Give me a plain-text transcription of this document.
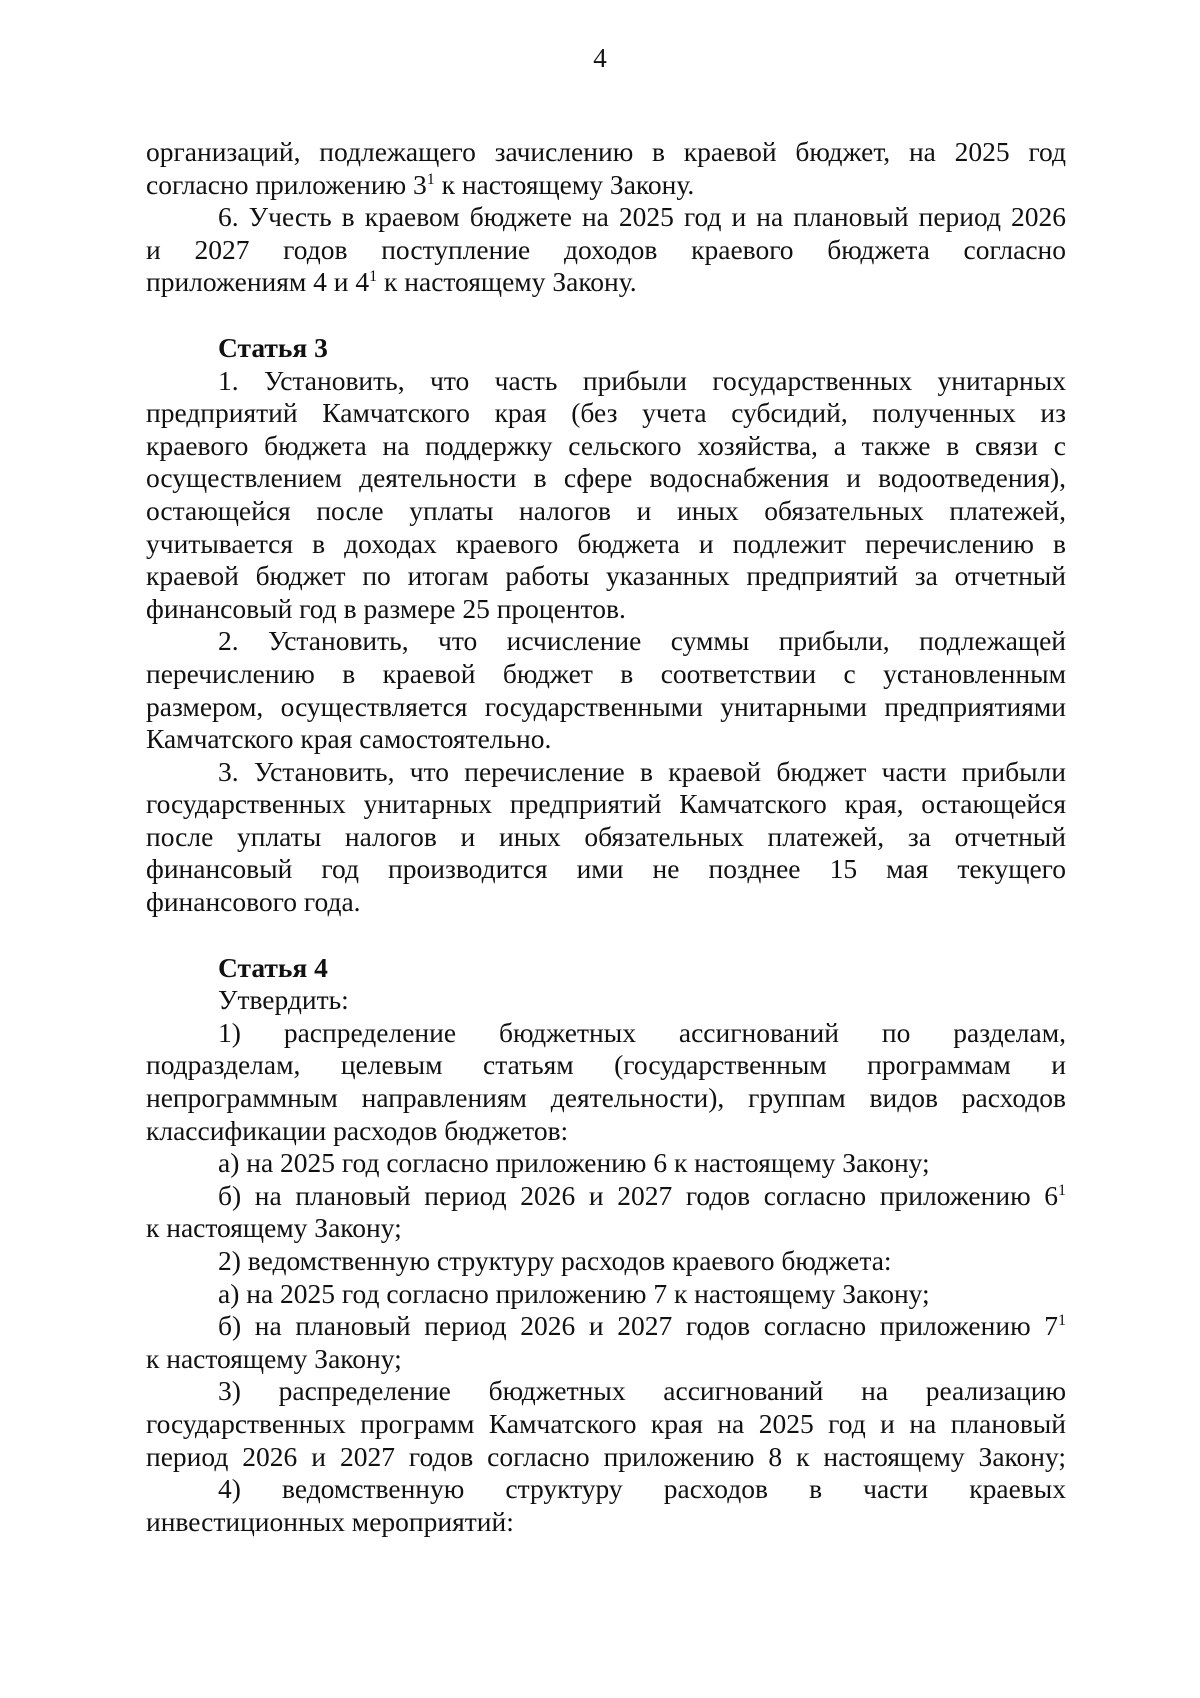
4

организаций, подлежащего зачислению в краевой бюджет, на 2025 год

согласно приложению $3^1$ к настоящему Закону.

6. Учесть в краевом бюджете на 2025 год и на плановый период 2026

и 2027 годов поступление доходов краевого бюджета согласно

приложениям 4 и $4^1$ к настоящему Закону.

Статья 3

1. Установить, что часть прибыли государственных унитарных

предприятий Камчатского края (без учета субсидий, полученных из

краевого бюджета на поддержку сельского хозяйства, а также в связи с

осуществлением деятельности в сфере водоснабжения и водоотведения),

остающейся после уплаты налогов и иных обязательных платежей,

учитывается в доходах краевого бюджета и подлежит перечислению в

краевой бюджет по итогам работы указанных предприятий за отчетный

финансовый год в размере 25 процентов.

2. Установить, что исчисление суммы прибыли, подлежащей

перечислению в краевой бюджет в соответствии с установленным

размером, осуществляется государственными унитарными предприятиями

Камчатского края самостоятельно.

3. Установить, что перечисление в краевой бюджет части прибыли

государственных унитарных предприятий Камчатского края, остающейся

после уплаты налогов и иных обязательных платежей, за отчетный

финансовый год производится ими не позднее 15 мая текущего

финансового года.

Статья 4

Утвердить:

1) распределение бюджетных ассигнований по разделам,

подразделам, целевым статьям (государственным программам и

непрограммным направлениям деятельности), группам видов расходов

классификации расходов бюджетов:

а) на 2025 год согласно приложению 6 к настоящему Закону;

б) на плановый период 2026 и 2027 годов согласно приложению $6^1$

к настоящему Закону;

2) ведомственную структуру расходов краевого бюджета:

а) на 2025 год согласно приложению 7 к настоящему Закону;

б) на плановый период 2026 и 2027 годов согласно приложению $7^1$

к настоящему Закону;

3) распределение бюджетных ассигнований на реализацию

государственных программ Камчатского края на 2025 год и на плановый

период 2026 и 2027 годов согласно приложению 8 к настоящему Закону;

4) ведомственную структуру расходов в части краевых

инвестиционных мероприятий:
